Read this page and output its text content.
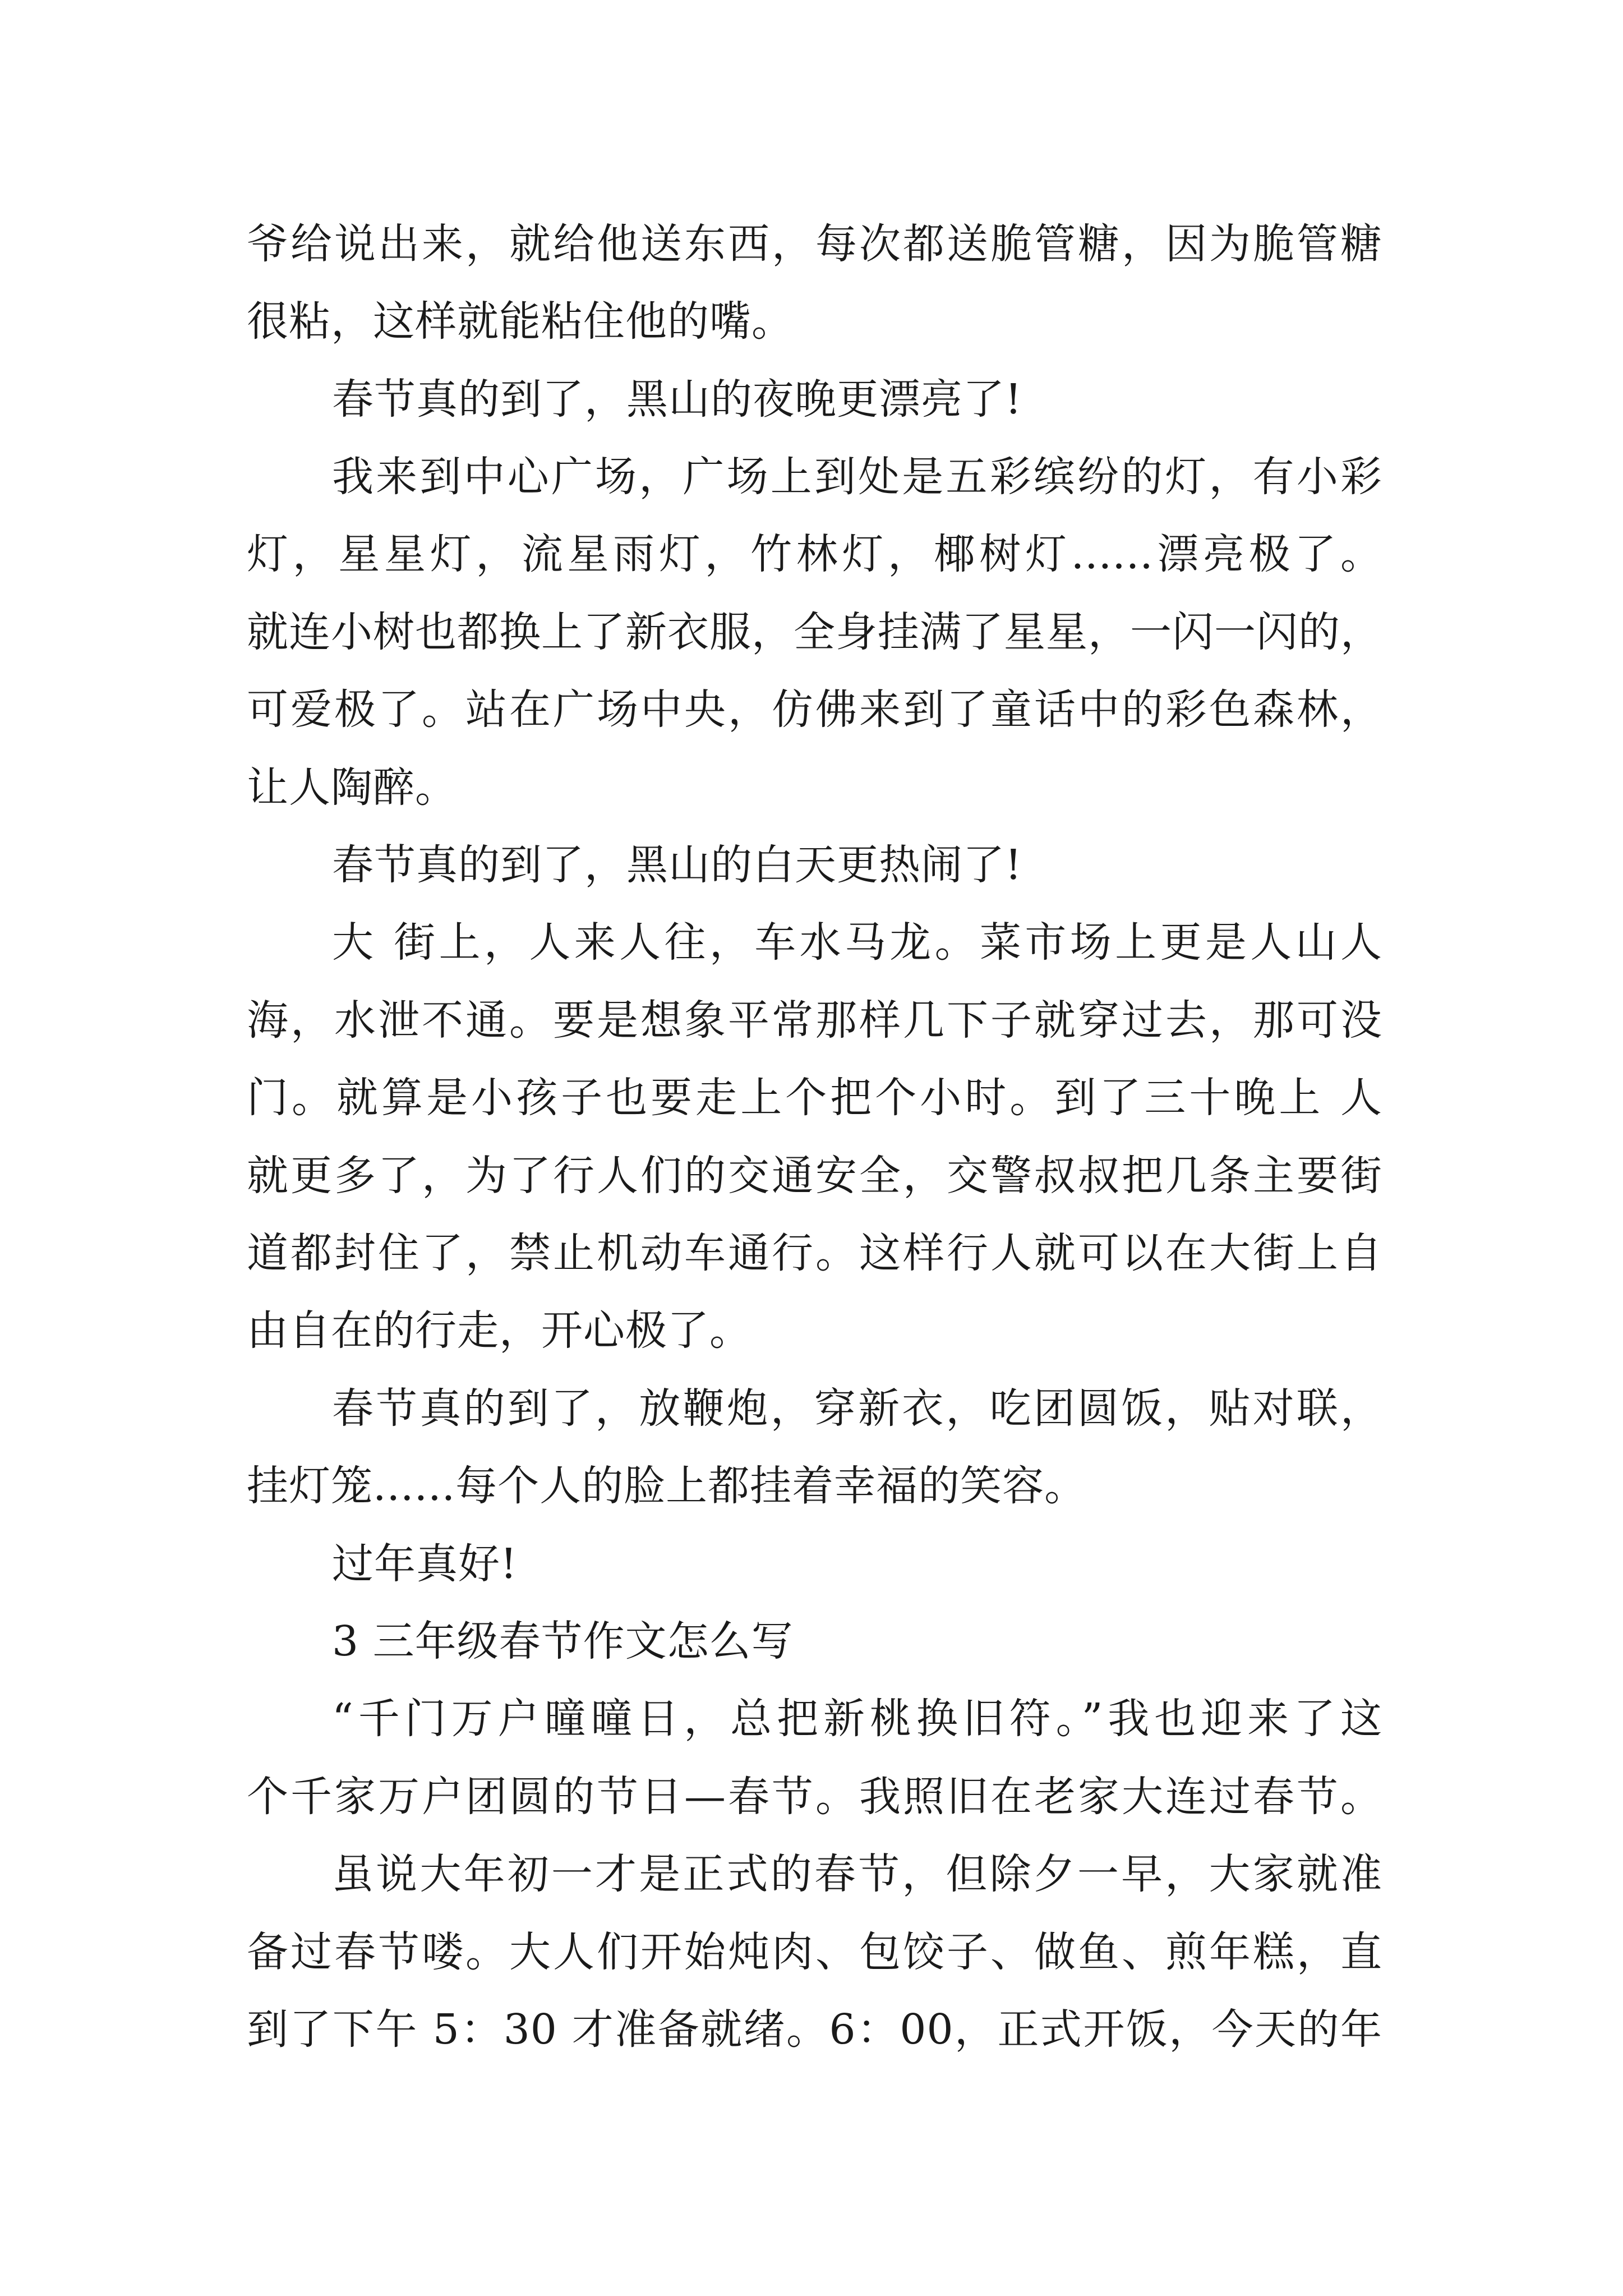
爷给说出来，就给他送东西，每次都送脆管糖，因为脆管糖
很粘，这样就能粘住他的嘴。
春节真的到了，黑山的夜晚更漂亮了!
我来到中心广场，广场上到处是五彩缤纷的灯，有小彩
灯，星星灯，流星雨灯，竹林灯，椰树灯......漂亮极了。
就连小树也都换上了新衣服，全身挂满了星星，一闪一闪的，
可爱极了。站在广场中央，仿佛来到了童话中的彩色森林，
让人陶醉。
春节真的到了，黑山的白天更热闹了!
大 街上，人来人往，车水马龙。菜市场上更是人山人
海，水泄不通。要是想象平常那样几下子就穿过去，那可没
门。就算是小孩子也要走上个把个小时。到了三十晚上 人
就更多了，为了行人们的交通安全，交警叔叔把几条主要街
道都封住了，禁止机动车通行。这样行人就可以在大街上自
由自在的行走，开心极了。
春节真的到了，放鞭炮，穿新衣，吃团圆饭，贴对联，
挂灯笼......每个人的脸上都挂着幸福的笑容。
过年真好!
3 三年级春节作文怎么写
“千门万户曈曈日，总把新桃换旧符。”我也迎来了这
个千家万户团圆的节日—春节。我照旧在老家大连过春节。
虽说大年初一才是正式的春节，但除夕一早，大家就准
备过春节喽。大人们开始炖肉、包饺子、做鱼、煎年糕，直
到了下午 5：30 才准备就绪。6：00，正式开饭，今天的年
